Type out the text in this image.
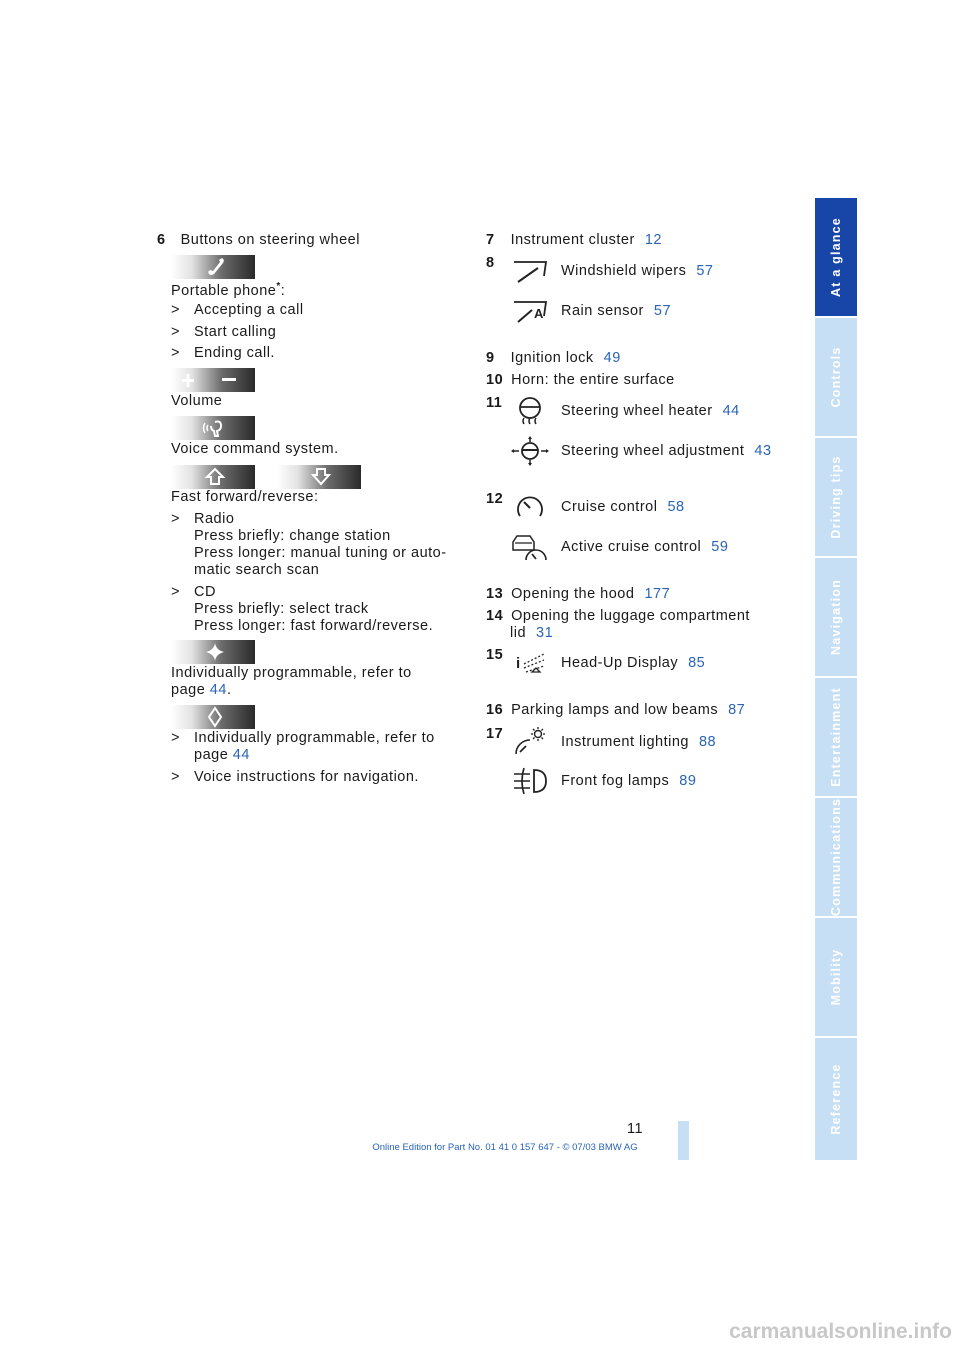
6 Buttons on steering wheel
Portable phone*:
> Accepting a call
> Start calling
> Ending call.
Volume
Voice command system.
Fast forward/reverse:
> Radio
Press briefly: change station
Press longer: manual tuning or auto-
matic search scan
> CD
Press briefly: select track
Press longer: fast forward/reverse.
Individually programmable, refer to
page 44.
> Individually programmable, refer to
page 44
> Voice instructions for navigation.
7 Instrument cluster 12
8	Windshield wipers 57
A Rain sensor 57
9 Ignition lock 49
10 Horn: the entire surface
11	Steering wheel heater 44
Steering wheel adjustment 43
12	Cruise control 58
Active cruise control 59
13 Opening the hood 177
14 Opening the luggage compartment
lid 31
15 i	Head-Up Display 85
16 Parking lamps and low beams 87
17	Instrument lighting 88
Front fog lamps 89
At a glance
Controls
Driving tips
Navigation
Entertainment
Communications
Mobility
Reference
11
Online Edition for Part No. 01 41 0 157 647 - © 07/03 BMW AG
carmanualsonline.info
